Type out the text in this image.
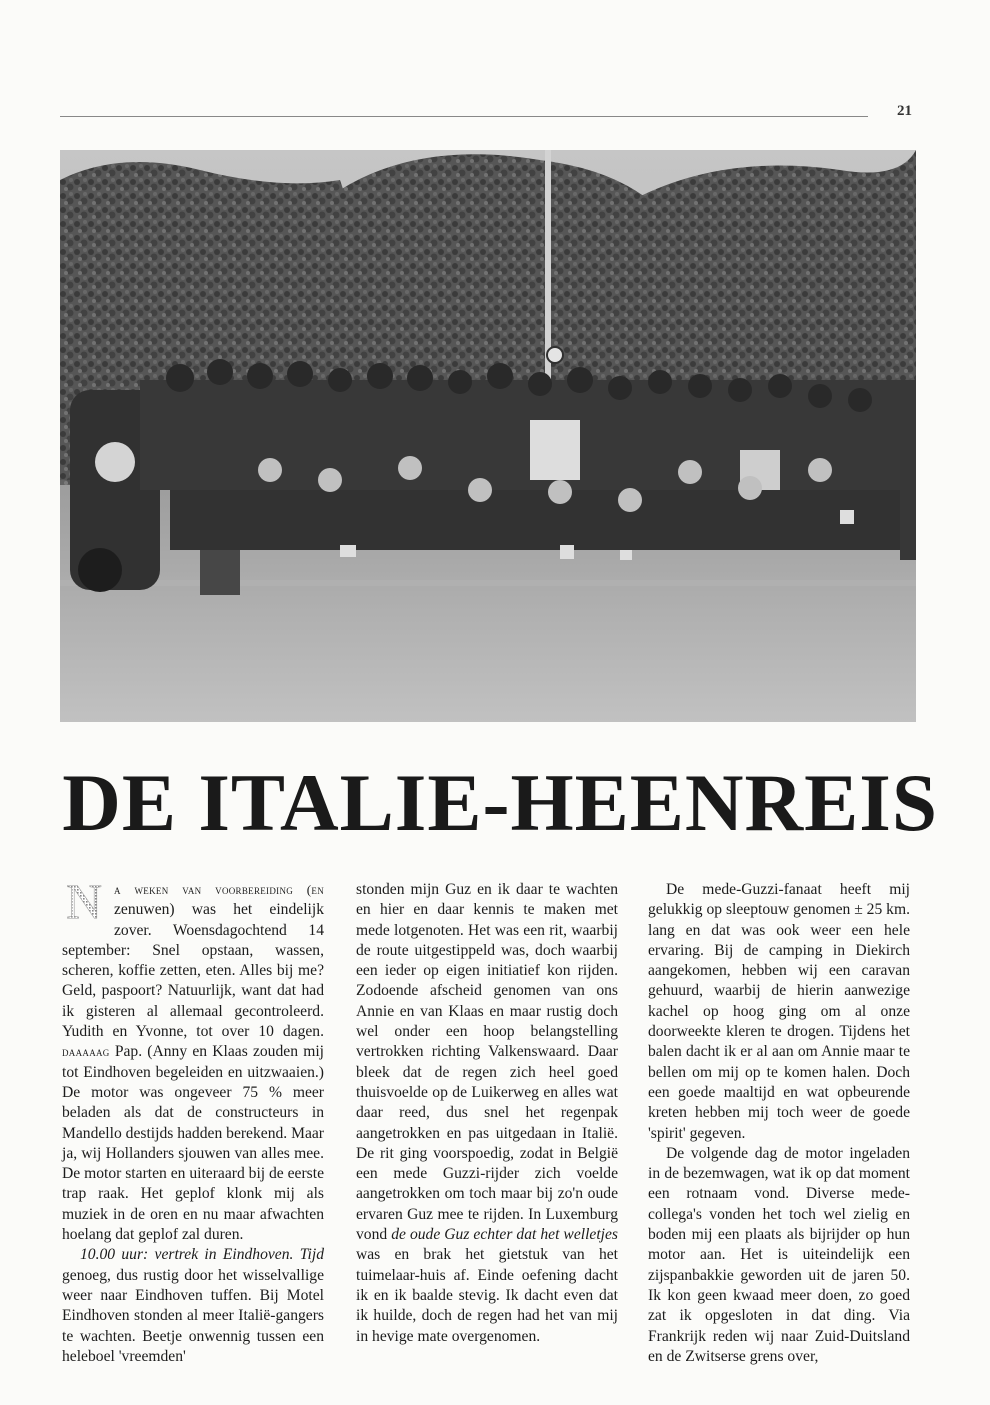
21
DE ITALIE-HEENREIS

N a weken van voorbereiding (en zenuwen) was het eindelijk zover. Woensdagochtend 14 september: Snel opstaan, wassen, scheren, koffie zetten, eten. Alles bij me? Geld, paspoort? Natuurlijk, want dat had ik gisteren al allemaal gecontroleerd. Yudith en Yvonne, tot over 10 dagen. daaaaag Pap. (Anny en Klaas zouden mij tot Eindhoven begeleiden en uitzwaaien.) De motor was ongeveer 75 % meer beladen als dat de constructeurs in Mandello destijds hadden berekend. Maar ja, wij Hollanders sjouwen van alles mee. De motor starten en uiteraard bij de eerste trap raak. Het geplof klonk mij als muziek in de oren en nu maar afwachten hoelang dat geplof zal duren.

10.00 uur: vertrek in Eindhoven. Tijd genoeg, dus rustig door het wisselvallige weer naar Eindhoven tuffen. Bij Motel Eindhoven stonden al meer Italië-gangers te wachten. Beetje onwennig tussen een heleboel 'vreemden'

stonden mijn Guz en ik daar te wachten en hier en daar kennis te maken met mede lotgenoten. Het was een rit, waarbij de route uitgestippeld was, doch waarbij een ieder op eigen initiatief kon rijden. Zodoende afscheid genomen van ons Annie en van Klaas en maar rustig doch wel onder een hoop belangstelling vertrokken richting Valkenswaard. Daar bleek dat de regen zich heel goed thuisvoelde op de Luikerweg en alles wat daar reed, dus snel het regenpak aangetrokken en pas uitgedaan in Italië. De rit ging voorspoedig, zodat in België een mede Guzzi-rijder zich voelde aangetrokken om toch maar bij zo'n oude ervaren Guz mee te rijden. In Luxemburg vond de oude Guz echter dat het welletjes was en brak het gietstuk van het tuimelaar-huis af. Einde oefening dacht ik en ik baalde stevig. Ik dacht even dat ik huilde, doch de regen had het van mij in hevige mate overgenomen.

De mede-Guzzi-fanaat heeft mij gelukkig op sleeptouw genomen ± 25 km. lang en dat was ook weer een hele ervaring. Bij de camping in Diekirch aangekomen, hebben wij een caravan gehuurd, waarbij de hierin aanwezige kachel op hoog ging om al onze doorweekte kleren te drogen. Tijdens het balen dacht ik er al aan om Annie maar te bellen om mij op te komen halen. Doch een goede maaltijd en wat opbeurende kreten hebben mij toch weer de goede 'spirit' gegeven.

De volgende dag de motor ingeladen in de bezemwagen, wat ik op dat moment een rotnaam vond. Diverse mede-collega's vonden het toch wel zielig en boden mij een plaats als bijrijder op hun motor aan. Het is uiteindelijk een zijspanbakkie geworden uit de jaren 50. Ik kon geen kwaad meer doen, zo goed zat ik opgesloten in dat ding. Via Frankrijk reden wij naar Zuid-Duitsland en de Zwitserse grens over,
